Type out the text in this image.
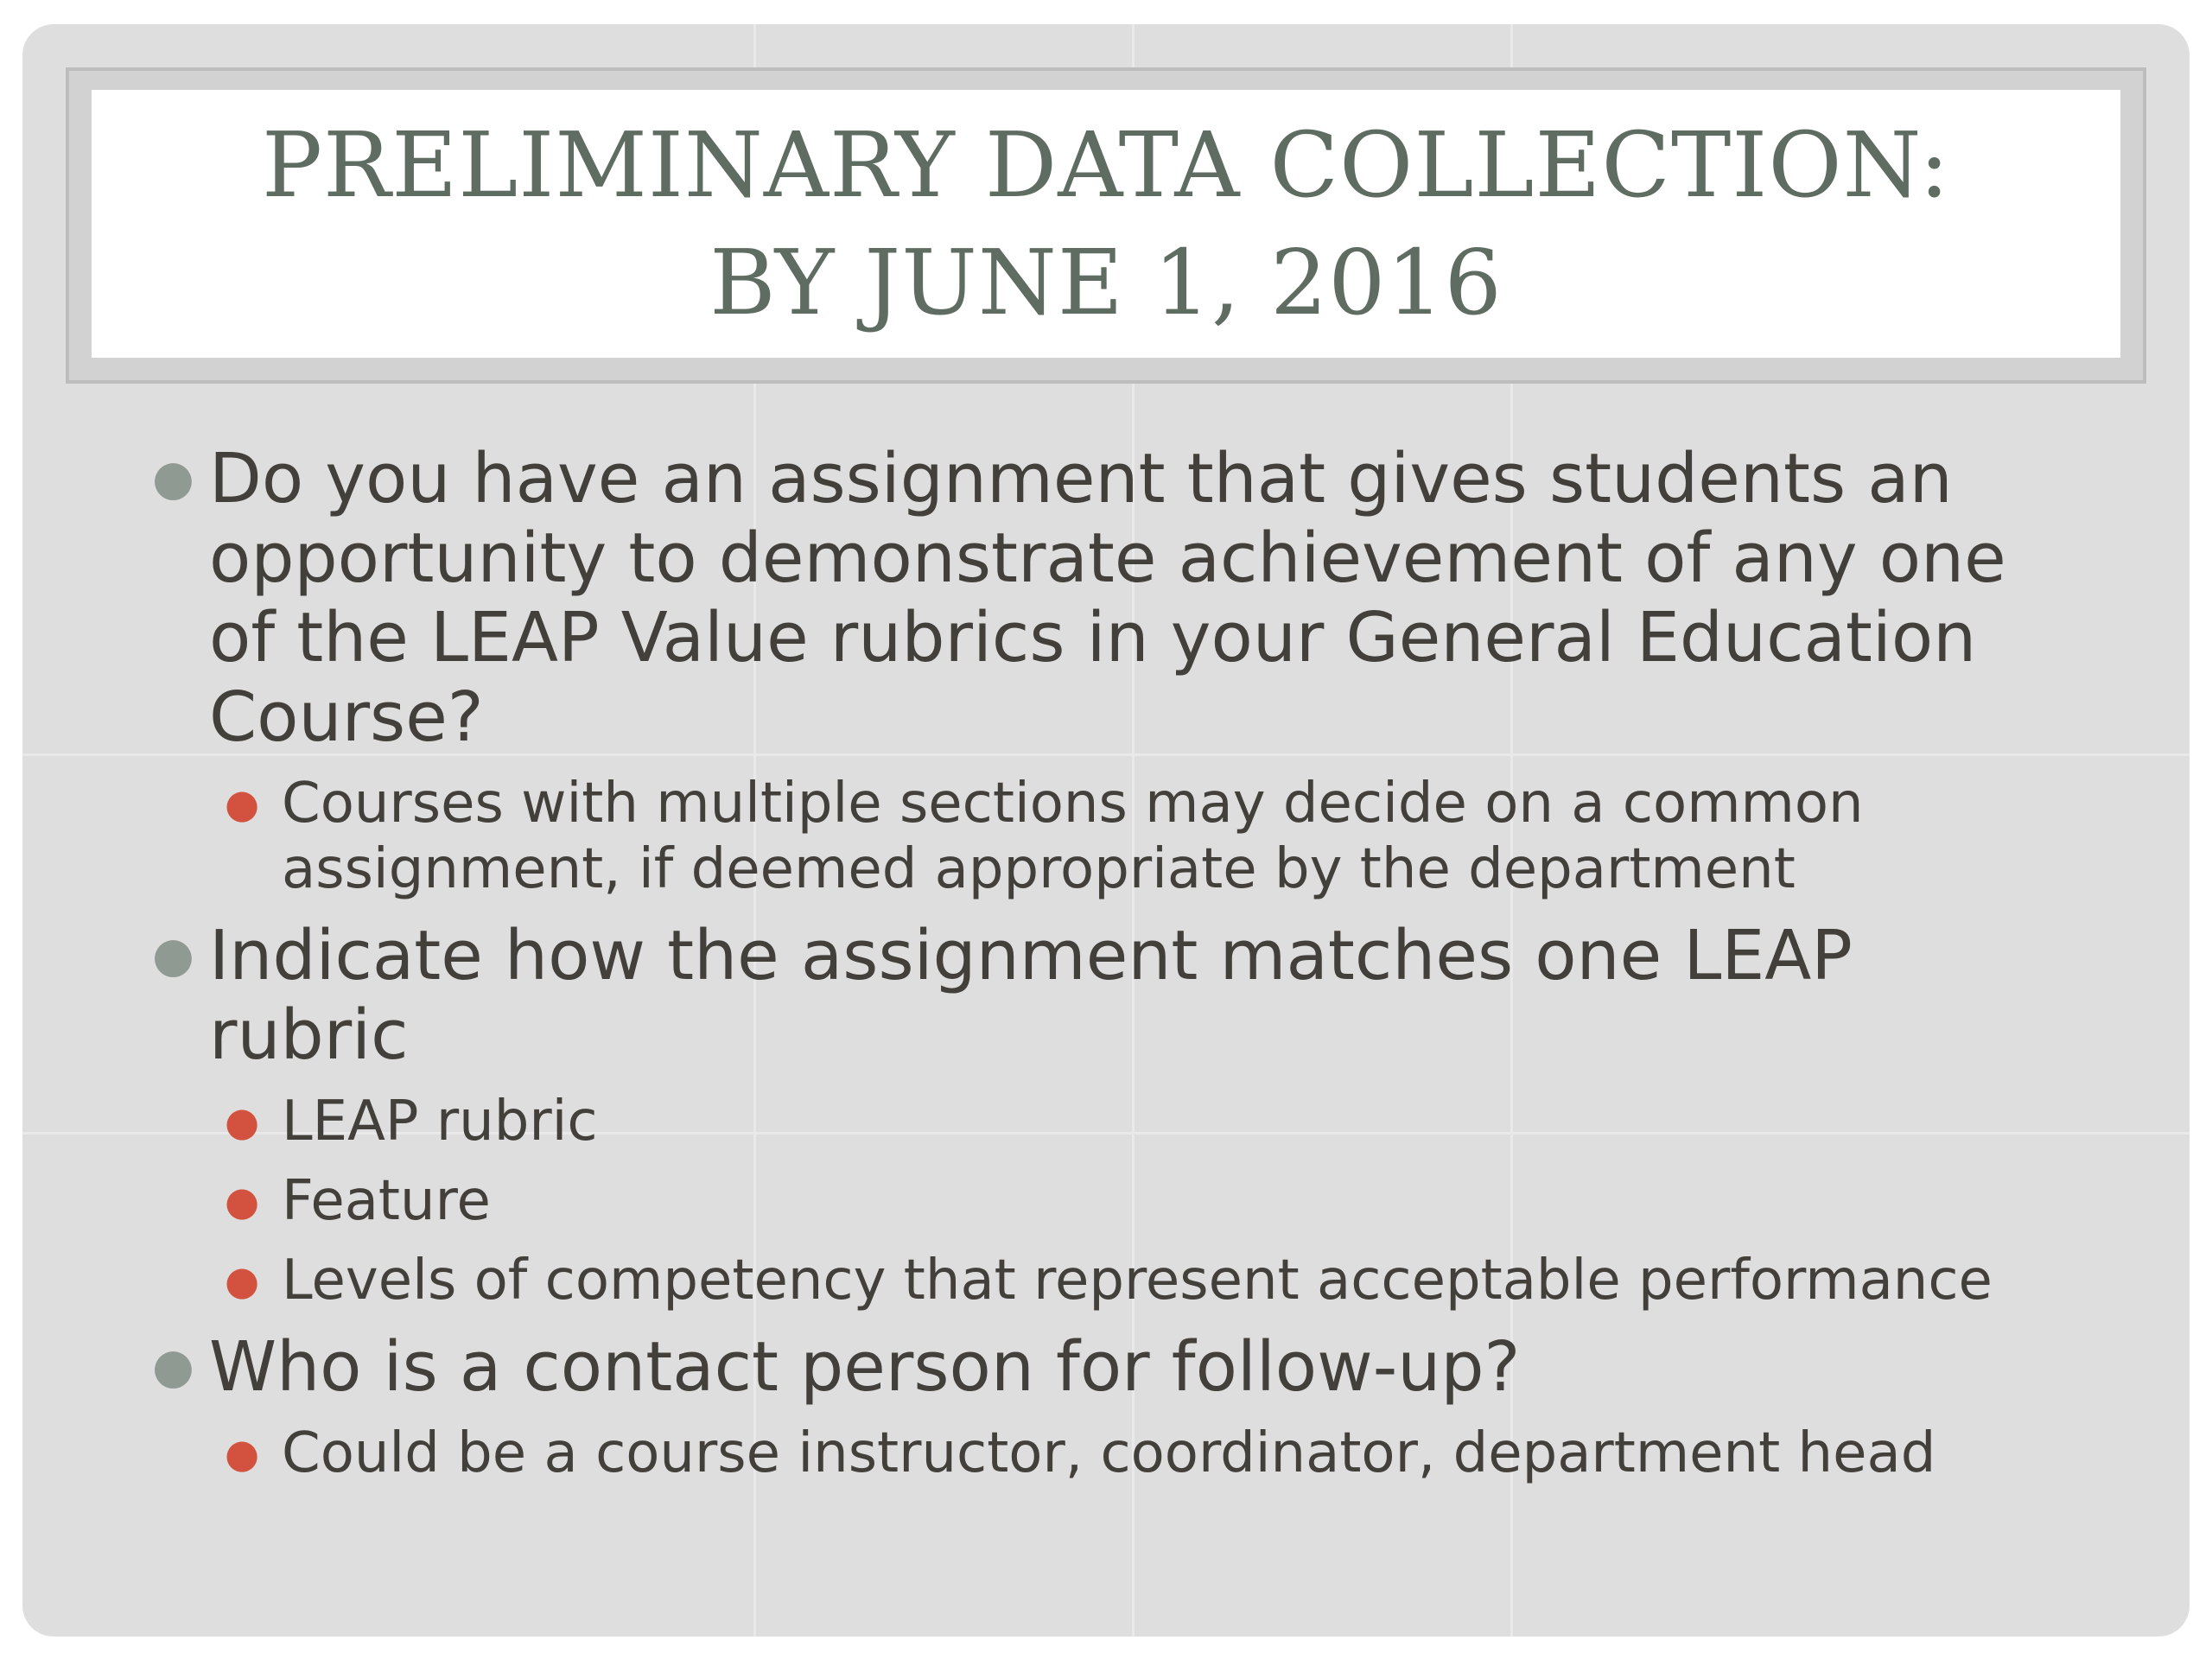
PRELIMINARY DATA COLLECTION:
BY JUNE 1, 2016
● Do you have an assignment that gives students an opportunity to demonstrate achievement of any one of the LEAP Value rubrics in your General Education Course?
● Courses with multiple sections may decide on a common assignment, if deemed appropriate by the department
● Indicate how the assignment matches one LEAP rubric
● LEAP rubric
● Feature
● Levels of competency that represent acceptable performance
● Who is a contact person for follow-up?
● Could be a course instructor, coordinator, department head
